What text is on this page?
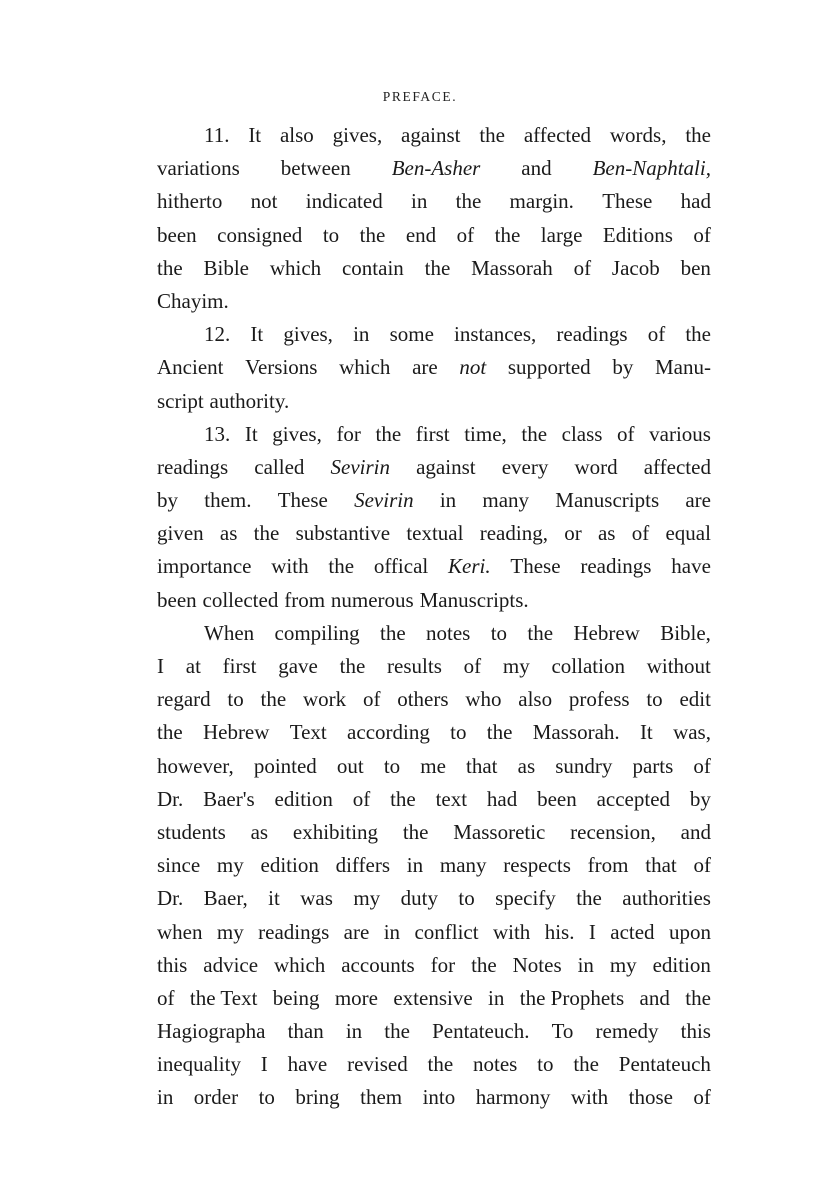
PREFACE.
11. It also gives, against the affected words, the
variations between Ben-Asher and Ben-Naphtali,
hitherto not indicated in the margin. These had
been consigned to the end of the large Editions of
the Bible which contain the Massorah of Jacob ben
Chayim.
12. It gives, in some instances, readings of the
Ancient Versions which are not supported by Manu-
script authority.
13. It gives, for the first time, the class of various
readings called Sevirin against every word affected
by them. These Sevirin in many Manuscripts are
given as the substantive textual reading, or as of equal
importance with the offical Keri. These readings have
been collected from numerous Manuscripts.
When compiling the notes to the Hebrew Bible,
I at first gave the results of my collation without
regard to the work of others who also profess to edit
the Hebrew Text according to the Massorah. It was,
however, pointed out to me that as sundry parts of
Dr. Baer's edition of the text had been accepted by
students as exhibiting the Massoretic recension, and
since my edition differs in many respects from that of
Dr. Baer, it was my duty to specify the authorities
when my readings are in conflict with his. I acted upon
this advice which accounts for the Notes in my edition
of the Text being more extensive in the Prophets and the
Hagiographa than in the Pentateuch. To remedy this
inequality I have revised the notes to the Pentateuch
in order to bring them into harmony with those of
